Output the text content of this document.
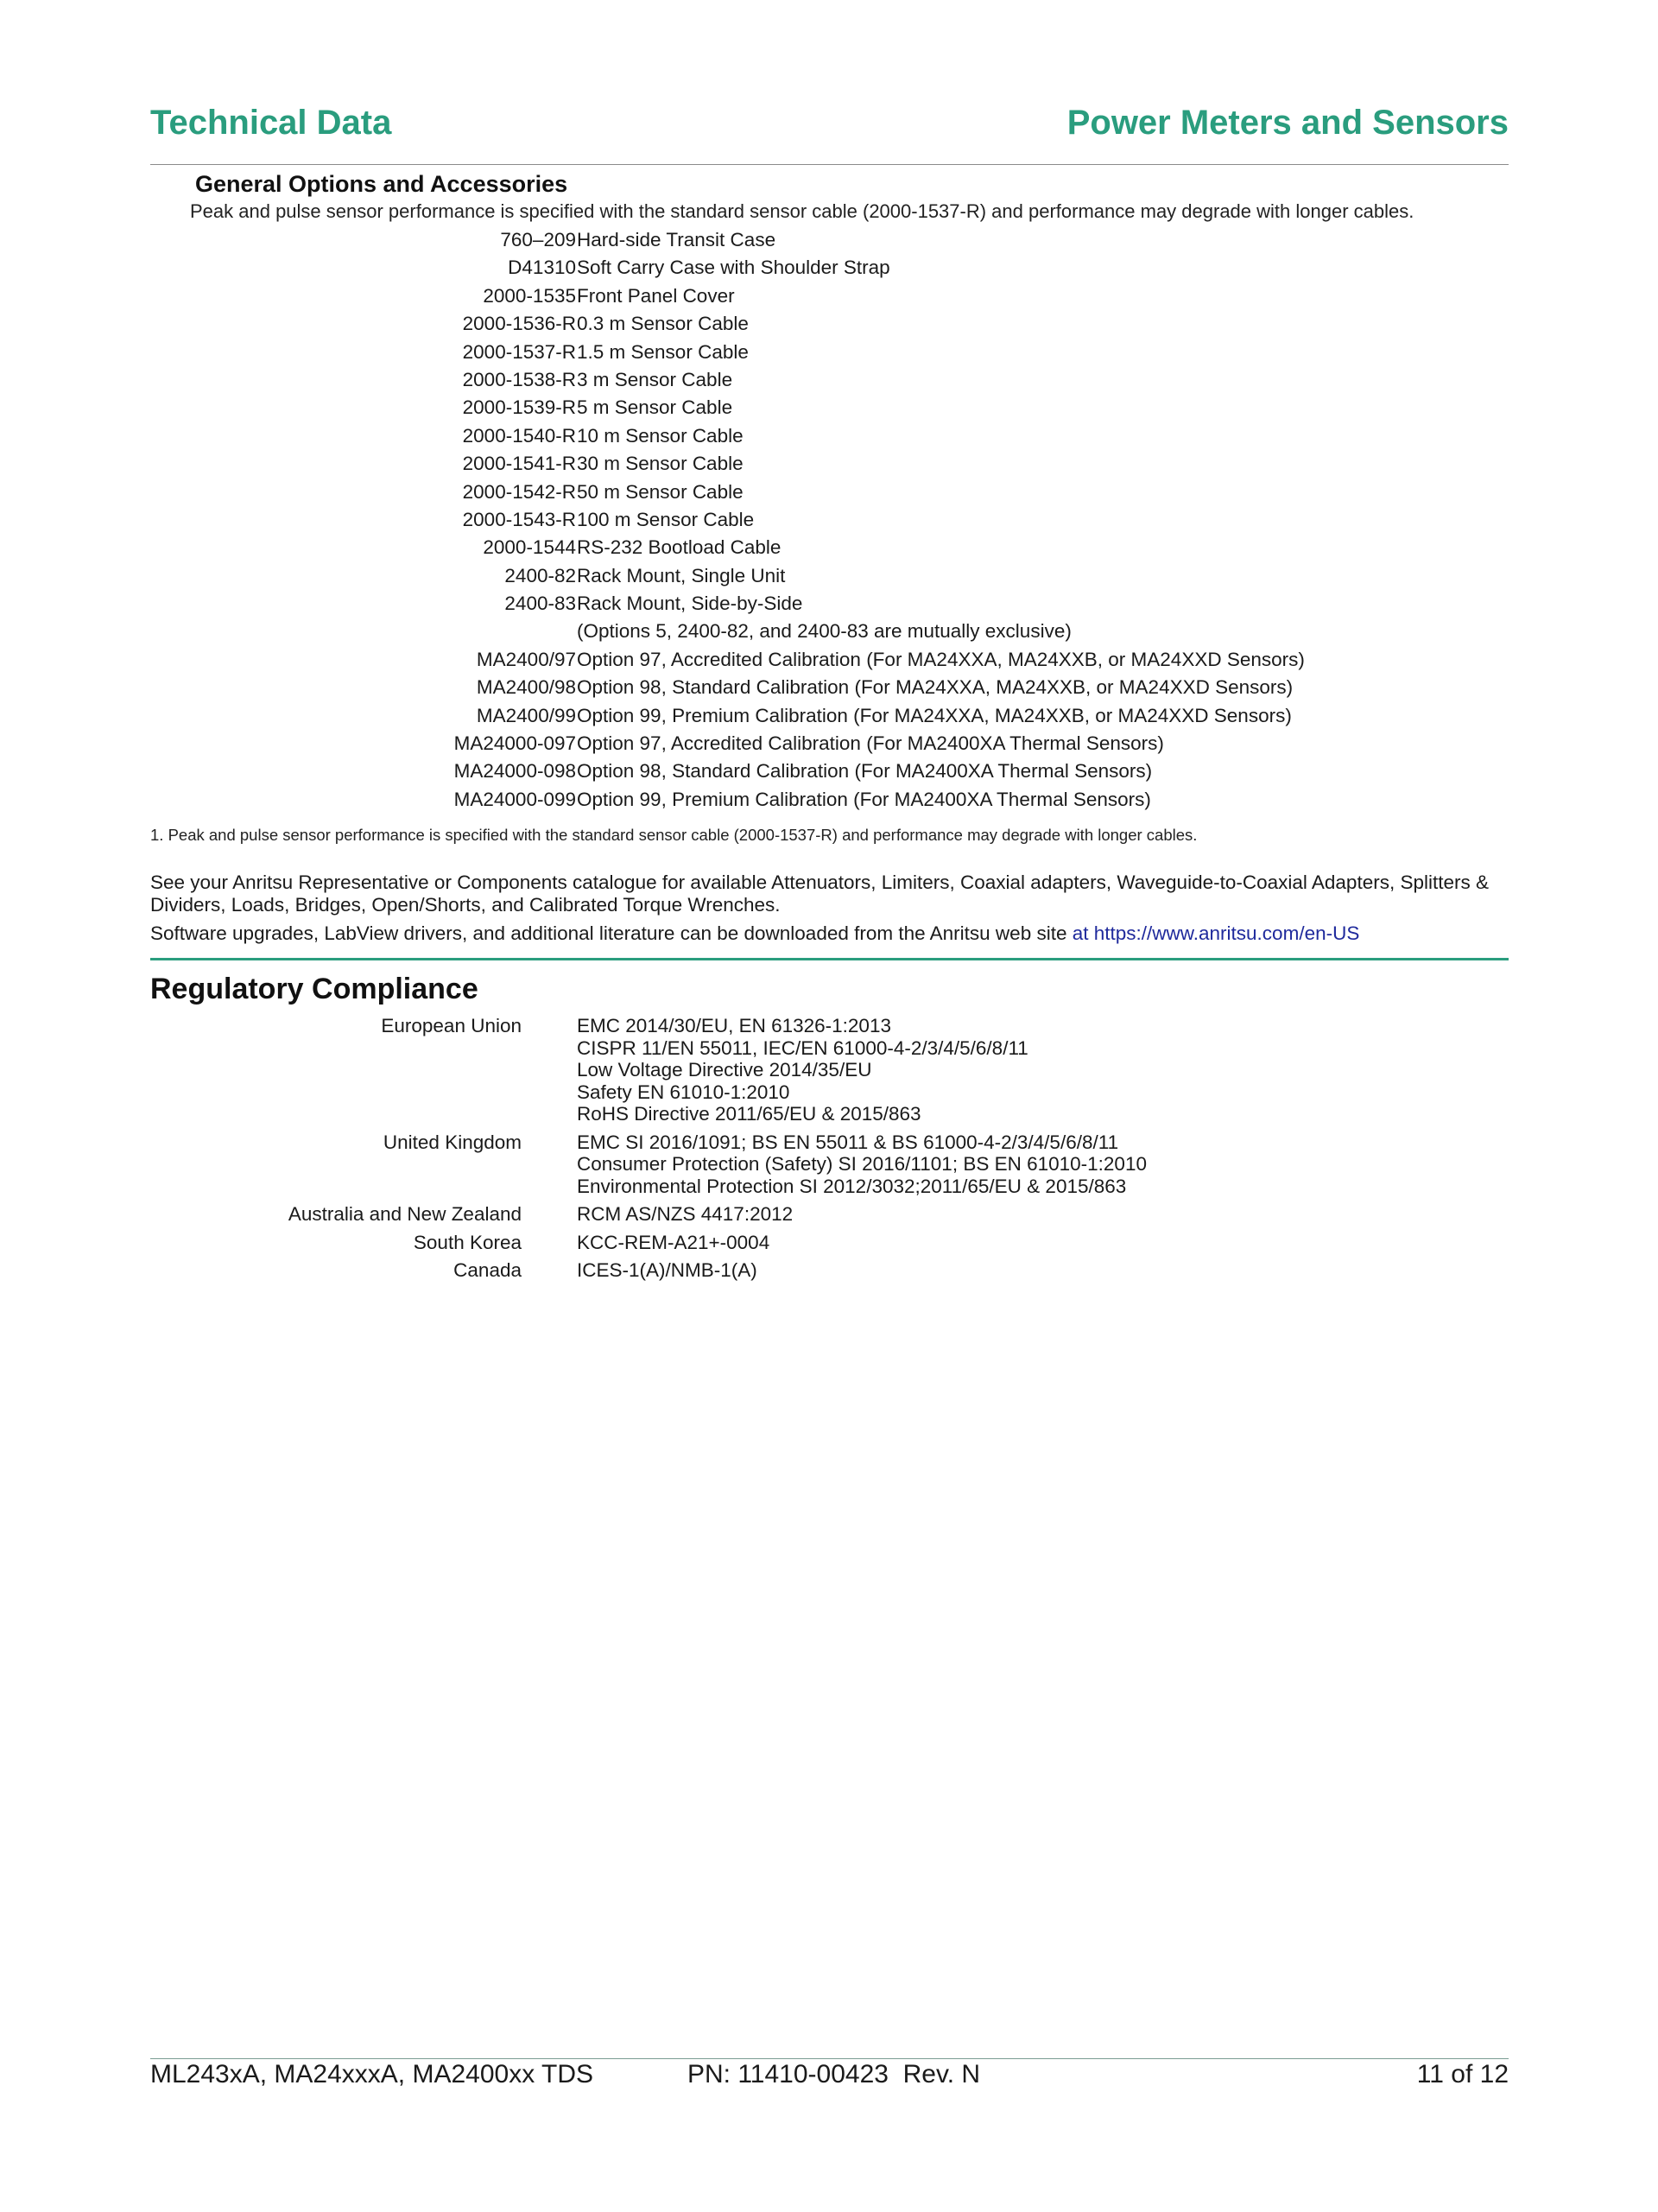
Technical Data	Power Meters and Sensors
General Options and Accessories
Peak and pulse sensor performance is specified with the standard sensor cable (2000-1537-R) and performance may degrade with longer cables.
760–209 Hard-side Transit Case
D41310 Soft Carry Case with Shoulder Strap
2000-1535 Front Panel Cover
2000-1536-R 0.3 m Sensor Cable
2000-1537-R 1.5 m Sensor Cable
2000-1538-R 3 m Sensor Cable
2000-1539-R 5 m Sensor Cable
2000-1540-R 10 m Sensor Cable
2000-1541-R 30 m Sensor Cable
2000-1542-R 50 m Sensor Cable
2000-1543-R 100 m Sensor Cable
2000-1544 RS-232 Bootload Cable
2400-82 Rack Mount, Single Unit
2400-83 Rack Mount, Side-by-Side
(Options 5, 2400-82, and 2400-83 are mutually exclusive)
MA2400/97 Option 97, Accredited Calibration (For MA24XXA, MA24XXB, or MA24XXD Sensors)
MA2400/98 Option 98, Standard Calibration (For MA24XXA, MA24XXB, or MA24XXD Sensors)
MA2400/99 Option 99, Premium Calibration (For MA24XXA, MA24XXB, or MA24XXD Sensors)
MA24000-097 Option 97, Accredited Calibration (For MA2400XA Thermal Sensors)
MA24000-098 Option 98, Standard Calibration (For MA2400XA Thermal Sensors)
MA24000-099 Option 99, Premium Calibration (For MA2400XA Thermal Sensors)
1. Peak and pulse sensor performance is specified with the standard sensor cable (2000-1537-R) and performance may degrade with longer cables.
See your Anritsu Representative or Components catalogue for available Attenuators, Limiters, Coaxial adapters, Waveguide-to-Coaxial Adapters, Splitters & Dividers, Loads, Bridges, Open/Shorts, and Calibrated Torque Wrenches.
Software upgrades, LabView drivers, and additional literature can be downloaded from the Anritsu web site at https://www.anritsu.com/en-US
Regulatory Compliance
European Union	EMC 2014/30/EU, EN 61326-1:2013
CISPR 11/EN 55011, IEC/EN 61000-4-2/3/4/5/6/8/11
Low Voltage Directive 2014/35/EU
Safety EN 61010-1:2010
RoHS Directive 2011/65/EU & 2015/863
United Kingdom	EMC SI 2016/1091; BS EN 55011 & BS 61000-4-2/3/4/5/6/8/11
Consumer Protection (Safety) SI 2016/1101; BS EN 61010-1:2010
Environmental Protection SI 2012/3032;2011/65/EU & 2015/863
Australia and New Zealand	RCM AS/NZS 4417:2012
South Korea	KCC-REM-A21+-0004
Canada	ICES-1(A)/NMB-1(A)
ML243xA, MA24xxxA, MA2400xx TDS	PN: 11410-00423  Rev. N	11 of 12
